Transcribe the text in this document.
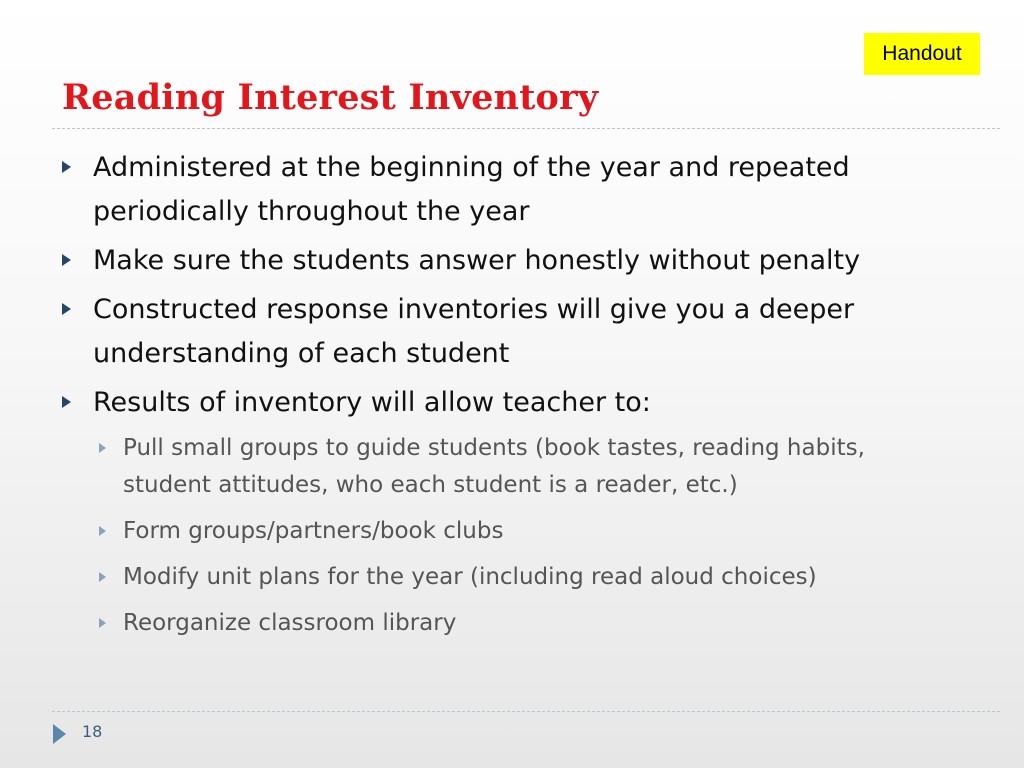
Handout
Reading Interest Inventory
Administered at the beginning of the year and repeated periodically throughout the year
Make sure the students answer honestly without penalty
Constructed response inventories will give you a deeper understanding of each student
Results of inventory will allow teacher to:
Pull small groups to guide students (book tastes, reading habits, student attitudes, who each student is a reader, etc.)
Form groups/partners/book clubs
Modify unit plans for the year (including read aloud choices)
Reorganize classroom library
18
